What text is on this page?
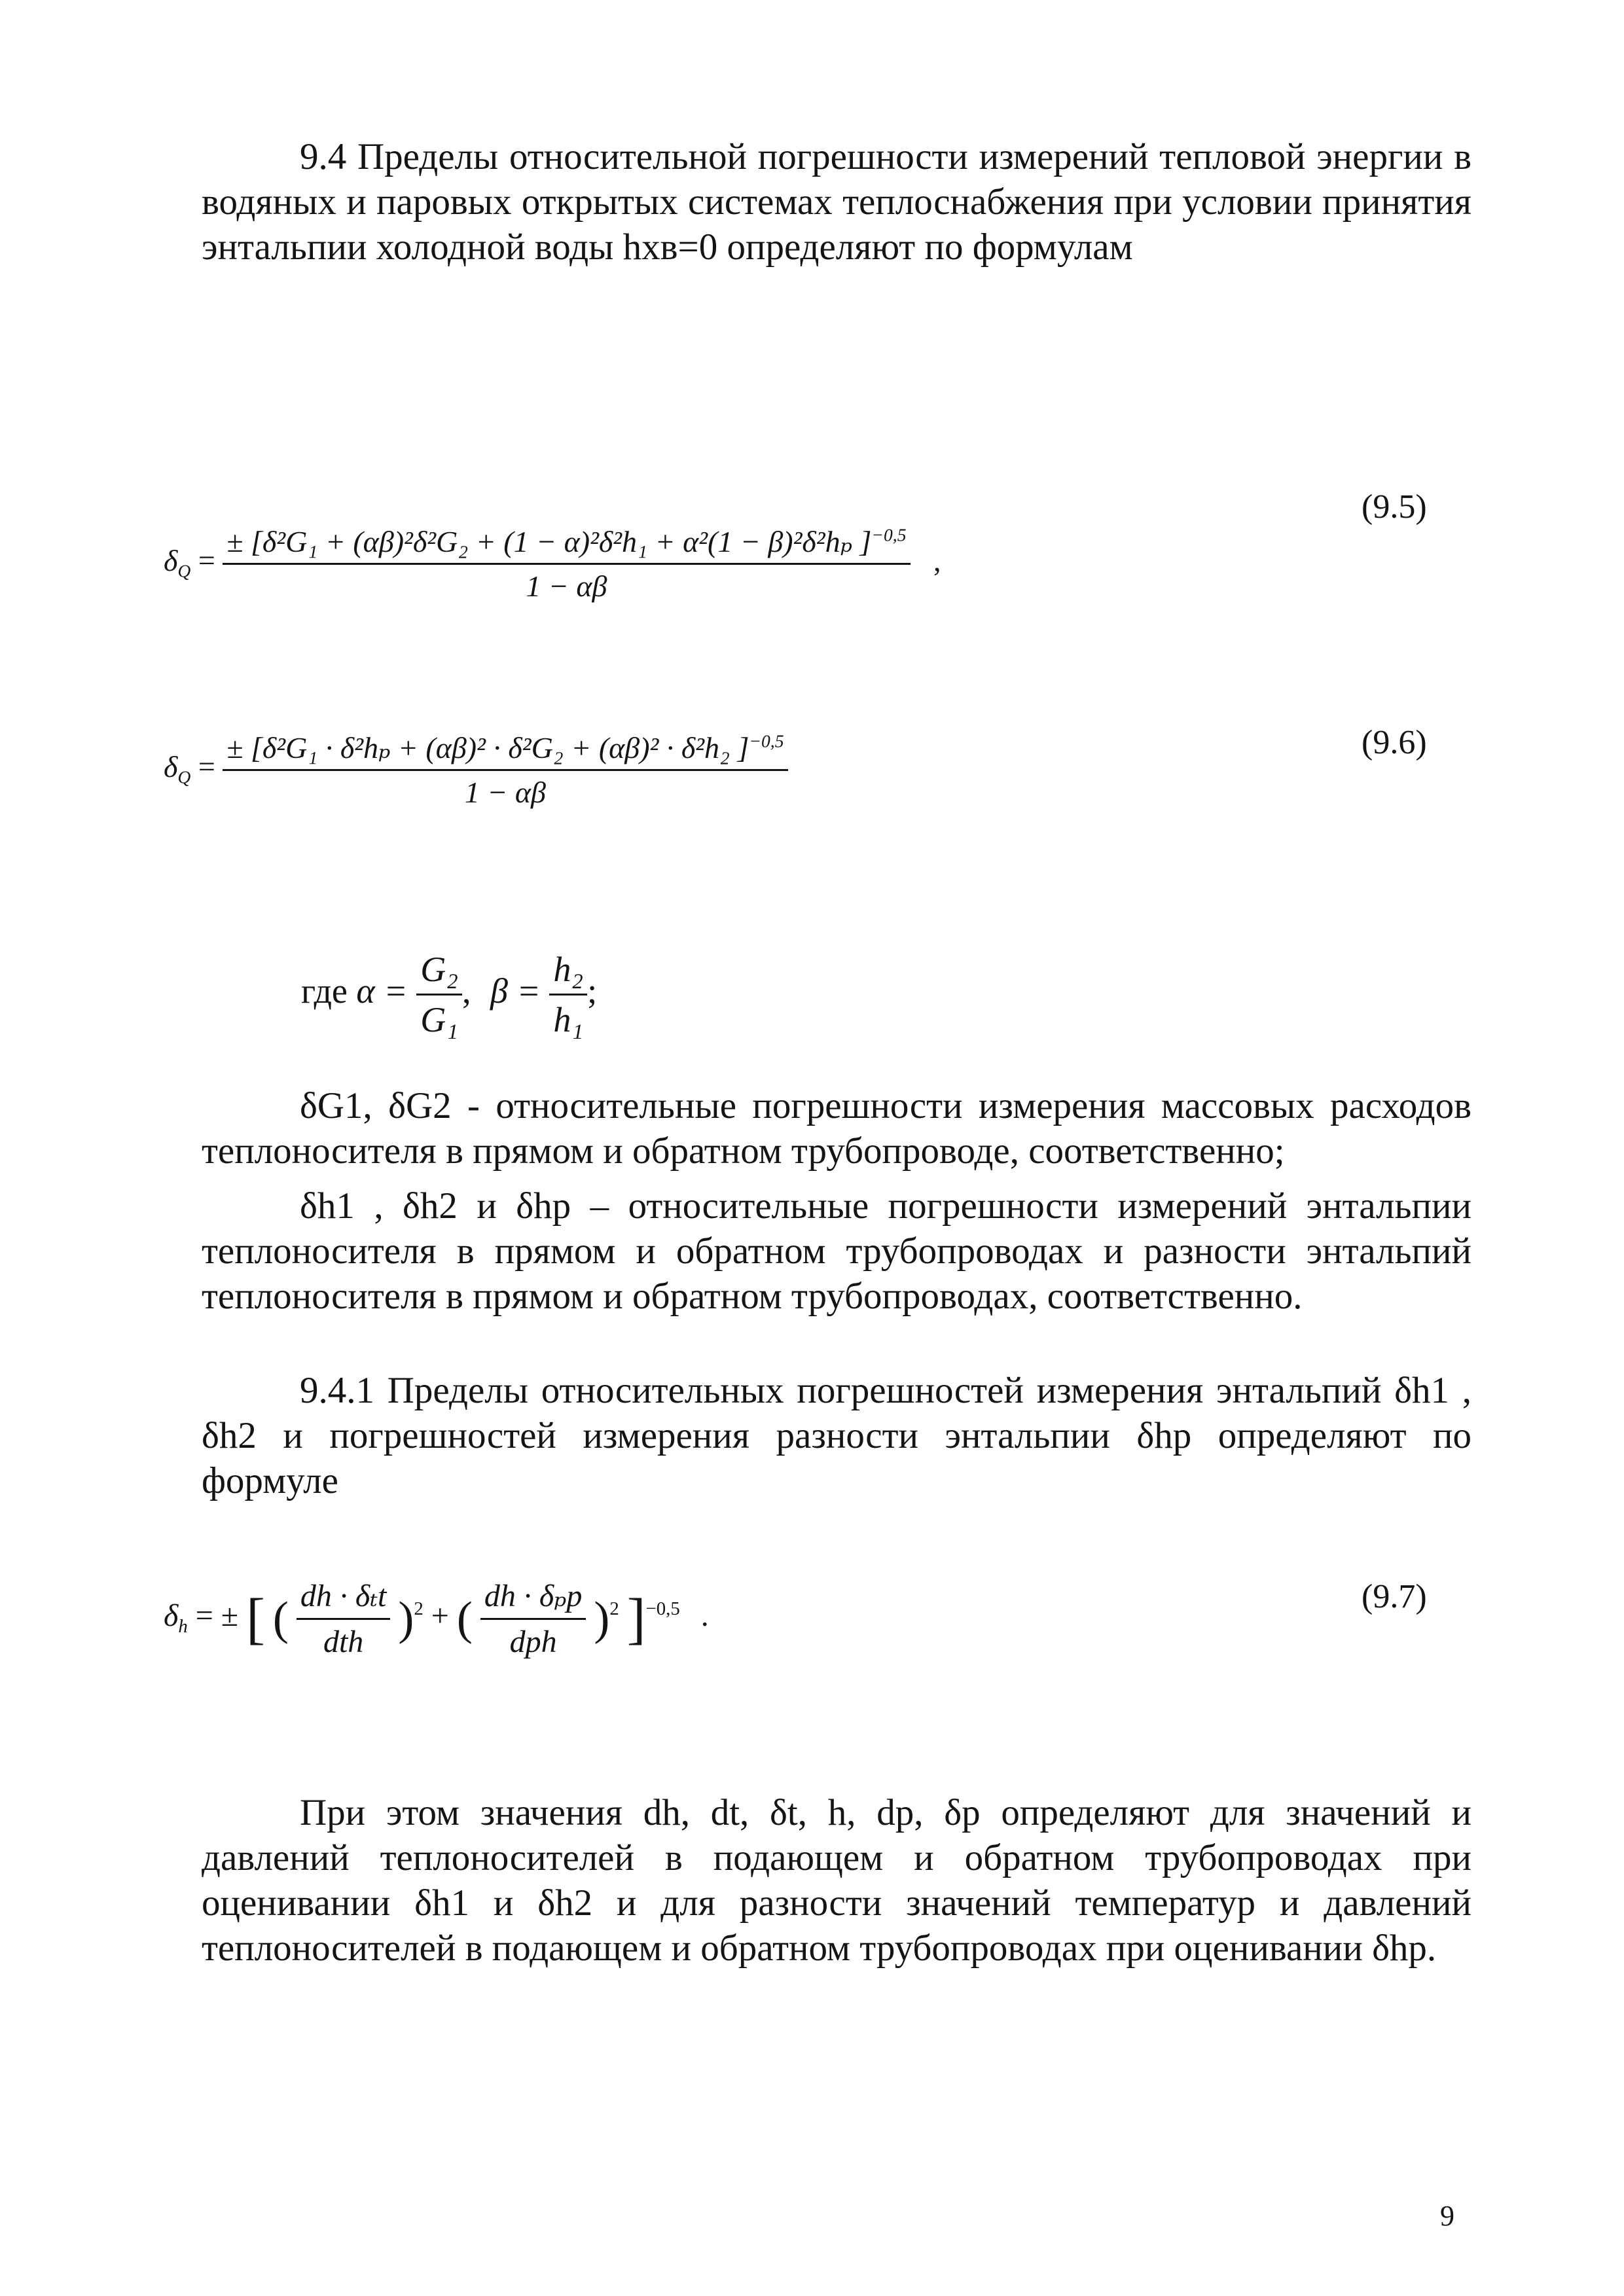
9.4 Пределы относительной погрешности измерений тепловой энергии в водяных и паровых открытых системах теплоснабжения при условии принятия энтальпии холодной воды hхв=0 определяют по формулам
(9.5)
$\delta_Q = \frac{\pm [\delta^2G_1 + (\alpha\beta)^2\delta^2G_2 + (1 - \alpha)^2\delta^2h_1 + \alpha^2(1 - \beta)^2\delta^2h_p ]^{-0,5}}{1 - \alpha\beta}$ ,
(9.6)
$\delta_Q = \frac{\pm [\delta^2G_1 \cdot \delta^2h_p + (\alpha\beta)^2 \cdot \delta^2G_2 + (\alpha\beta)^2 \cdot \delta^2h_2 ]^{-0,5}}{1 - \alpha\beta}$
где $\alpha = \frac{\text{G₂}}{\text{G₁}}$ , $\beta = \frac{\text{h₂}}{\text{h₁}}$ ;
δG1, δG2 - относительные погрешности измерения массовых расходов теплоносителя в прямом и обратном трубопроводе, соответственно;
δh1 , δh2 и δhp – относительные погрешности измерений энтальпии теплоносителя в прямом и обратном трубопроводах и разности энтальпий теплоносителя в прямом и обратном трубопроводах, соответственно.
9.4.1 Пределы относительных погрешностей измерения энтальпий δh1 , δh2 и погрешностей измерения разности энтальпии δhp определяют по формуле
(9.7)
$\delta_h$ = ± [ ( $\frac{\text{dh · δₜt}}{\text{dth}} )^2$ + ( $\frac{\text{dh · δₚp}}{\text{dph}} )^2$ ]$^{-0,5}$ .
При этом значения dh, dt, δt, h, dp, δp определяют для значений и давлений теплоносителей в подающем и обратном трубопроводах при оценивании δh1 и δh2 и для разности значений температур и давлений теплоносителей в подающем и обратном трубопроводах при оценивании δhp.
9
